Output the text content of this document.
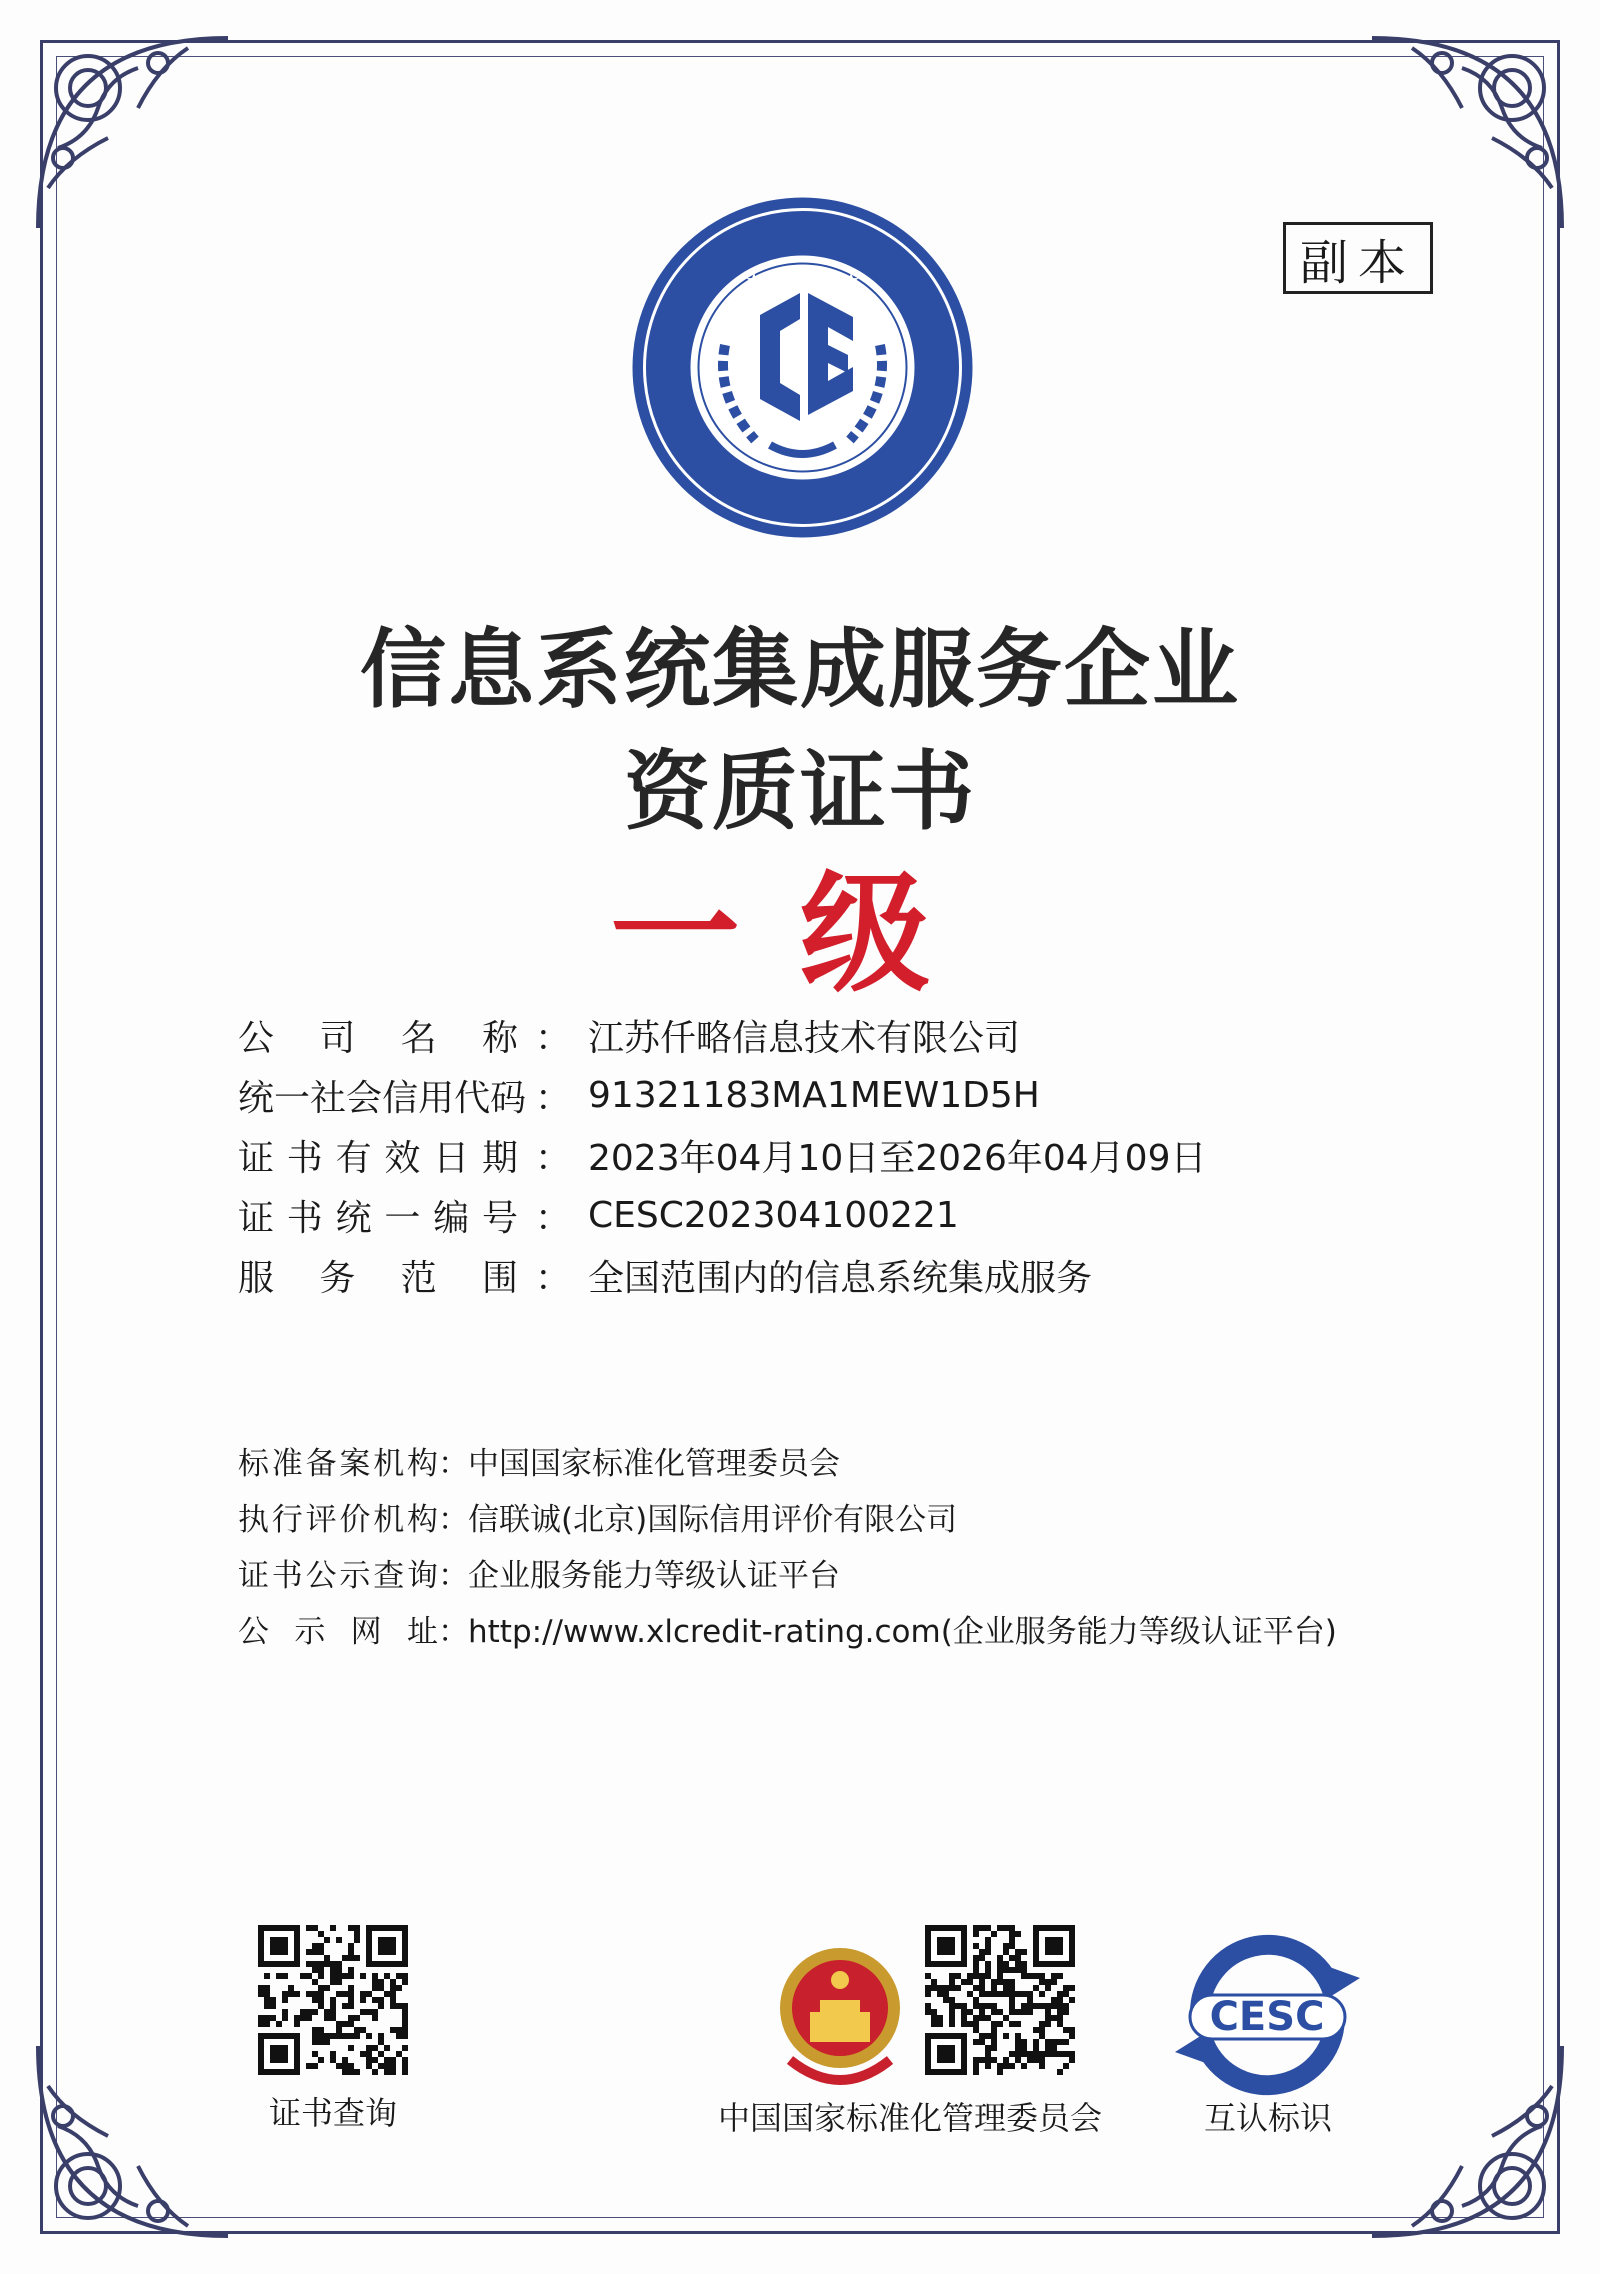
副本
★ ★ ★ ★ ★
信息系统集成服务企业
资质证书
一级
公 司 名 称 ： 江苏仟略信息技术有限公司
统 一 社 会 信 用 代 码 ： 91321183MA1MEW1D5H
证 书 有 效 日 期 ： 2023年04月10日至2026年04月09日
证 书 统 一 编 号 ： CESC202304100221
服 务 范 围 ： 全国范围内的信息系统集成服务
标 准 备 案 机 构 ： 中国国家标准化管理委员会
执 行 评 价 机 构 ： 信联诚(北京)国际信用评价有限公司
证 书 公 示 查 询 ： 企业服务能力等级认证平台
公 示 网 址 ： http://www.xlcredit-rating.com(企业服务能力等级认证平台)
证书查询	中国国家标准化管理委员会
CESC
互认标识
